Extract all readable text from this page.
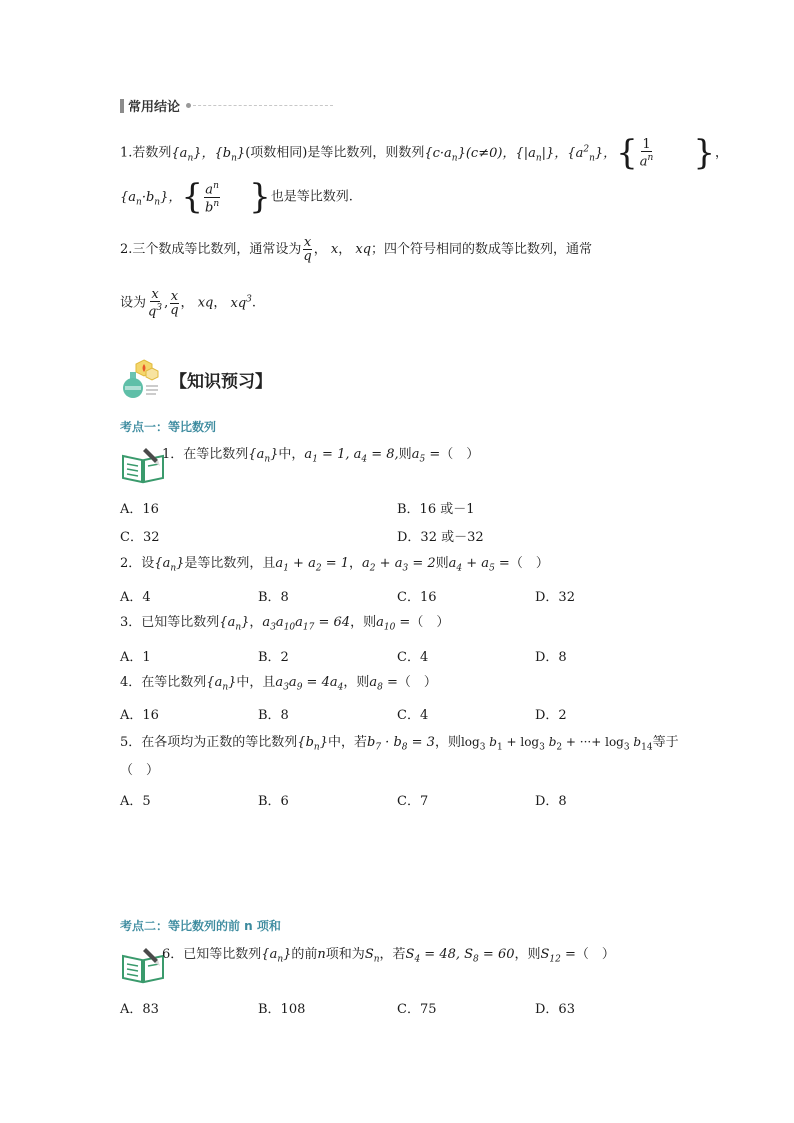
常用结论
1.若数列$\{a_n\}$，$\{b_n\}$(项数相同)是等比数列，则数列$\{c\cdot a_n\}(c\ne 0)$，$\{|a_n|\}$，$\{a^2_n\}$，{ $\frac{1}{a^n}$ }，
$\{a_n\cdot b_n\}$，{ $\frac{a^n}{b^n}$ }也是等比数列.
2.三个数成等比数列，通常设为 $\frac{x}{q}$ ， x， xq；四个符号相同的数成等比数列，通常
设为 $\frac{x}{q^3}$ , $\frac{x}{q}$ ， xq， $xq^3$.
【知识预习】
考点一：等比数列
1．在等比数列$\{a_n\}$中，$a_1 = 1$, $a_4 = 8$,则$a_5$ =（　）
A．16	B．16 或－1
C．32	D．32 或－32
2．设$\{a_n\}$是等比数列，且$a_1 + a_2 = 1$，$a_2 + a_3 = 2$则$a_4 + a_5$ =（　）
A．4	B．8	C．16	D．32
3．已知等比数列$\{a_n\}$，$a_3a_{10}a_{17} = 64$，则$a_{10}$ =（　）
A．1	B．2	C．4	D．8
4．在等比数列$\{a_n\}$中，且$a_3a_9 = 4a_4$，则$a_8$ =（　）
A．16	B．8	C．4	D．2
5．在各项均为正数的等比数列$\{b_n\}$中，若$b_7 \cdot b_8 = 3$，则$\log_3 b_1 + \log_3 b_2$ + ···+ $\log_3 b_{14}$等于
（　）
A．5	B．6	C．7	D．8
考点二：等比数列的前 n 项和
6．已知等比数列$\{a_n\}$的前n项和为$S_n$，若$S_4 = 48$, $S_8 = 60$，则$S_{12}$ =（　）
A．83	B．108	C．75	D．63
